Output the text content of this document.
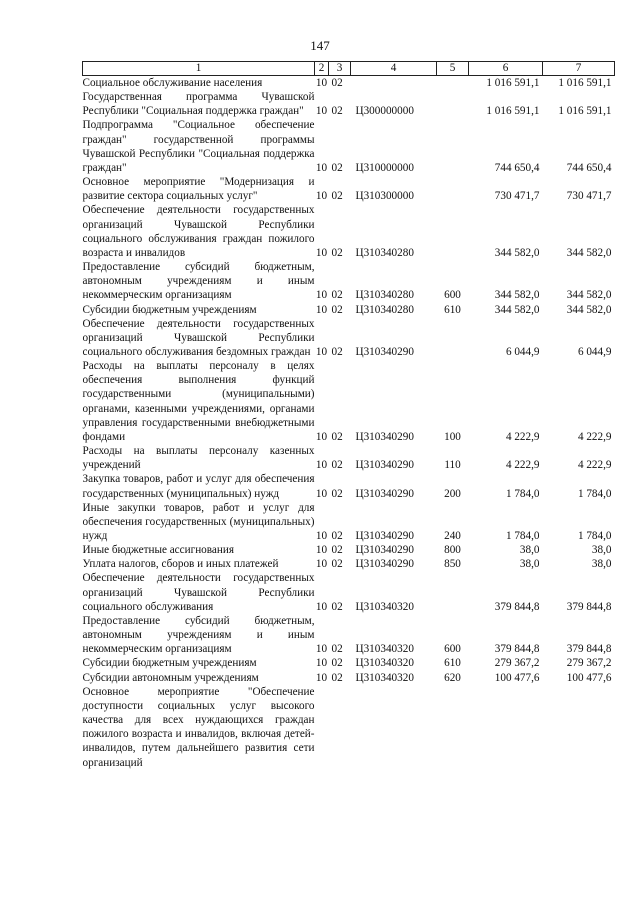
147
1	2	3	4	5	6	7

Социальное обслуживание населения	10	02			1 016 591,1	1 016 591,1

Государственная программа Чувашской Республики "Социальная поддержка граждан"	10	02	Ц300000000		1 016 591,1	1 016 591,1

Подпрограмма "Социальное обеспечение граждан" государственной программы Чувашской Республики "Социальная поддержка граждан"	10	02	Ц310000000		744 650,4	744 650,4

Основное мероприятие "Модернизация и развитие сектора социальных услуг"	10	02	Ц310300000		730 471,7	730 471,7

Обеспечение деятельности государственных организаций Чувашской Республики социального обслуживания граждан пожилого возраста и инвалидов	10	02	Ц310340280		344 582,0	344 582,0

Предоставление субсидий бюджетным, автономным учреждениям и иным некоммерческим организациям	10	02	Ц310340280	600	344 582,0	344 582,0

Субсидии бюджетным учреждениям	10	02	Ц310340280	610	344 582,0	344 582,0

Обеспечение деятельности государственных организаций Чувашской Республики социального обслуживания бездомных граждан	10	02	Ц310340290		6 044,9	6 044,9

Расходы на выплаты персоналу в целях обеспечения выполнения функций государственными (муниципальными) органами, казенными учреждениями, органами управления государственными внебюджетными фондами	10	02	Ц310340290	100	4 222,9	4 222,9

Расходы на выплаты персоналу казенных учреждений	10	02	Ц310340290	110	4 222,9	4 222,9

Закупка товаров, работ и услуг для обеспечения государственных (муниципальных) нужд	10	02	Ц310340290	200	1 784,0	1 784,0

Иные закупки товаров, работ и услуг для обеспечения государственных (муниципальных) нужд	10	02	Ц310340290	240	1 784,0	1 784,0

Иные бюджетные ассигнования	10	02	Ц310340290	800	38,0	38,0

Уплата налогов, сборов и иных платежей	10	02	Ц310340290	850	38,0	38,0

Обеспечение деятельности государственных организаций Чувашской Республики социального обслуживания	10	02	Ц310340320		379 844,8	379 844,8

Предоставление субсидий бюджетным, автономным учреждениям и иным некоммерческим организациям	10	02	Ц310340320	600	379 844,8	379 844,8

Субсидии бюджетным учреждениям	10	02	Ц310340320	610	279 367,2	279 367,2

Субсидии автономным учреждениям	10	02	Ц310340320	620	100 477,6	100 477,6

Основное мероприятие "Обеспечение доступности социальных услуг высокого качества для всех нуждающихся граждан пожилого возраста и инвалидов, включая детей-инвалидов, путем дальнейшего развития сети организаций						
